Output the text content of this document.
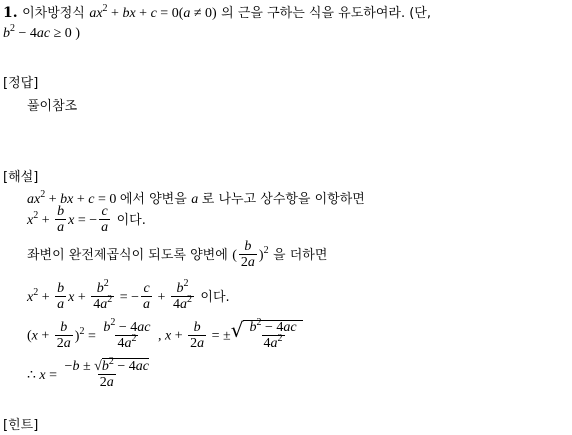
1. 이차방정식 $ax^2$ + bx + c = 0(a ≠ 0) 의 근을 구하는 식을 유도하여라. (단,
$b^2 - 4ac \ge 0$ )
[정답]
풀이참조
[해설]
$ax^2$ + bx + c = 0 에서 양변을 a 로 나누고 상수항을 이항하면
$x^2 + \frac{b}{a}$ x = − $\frac{c}{a}$ 이다.
좌변이 완전제곱식이 되도록 양변에 ( $\frac{b}{2a} )^2$ 을 더하면
$x^2 + \frac{b}{a}$ $x + \frac{b^2}{4a^2}$ = − $\frac{c}{a} + \frac{b^2}{4a^2}$ 이다.
$(x + \frac{b}{2a} )^2 = \frac{b^2 - 4ac}{4a^2}$ , $x + \frac{b}{2a}$ = ± √ $\frac{b^2 - 4ac}{4a^2}$
∴ $x = \frac{-b \pm √b^2 - 4ac}{2a}$
[힌트]
